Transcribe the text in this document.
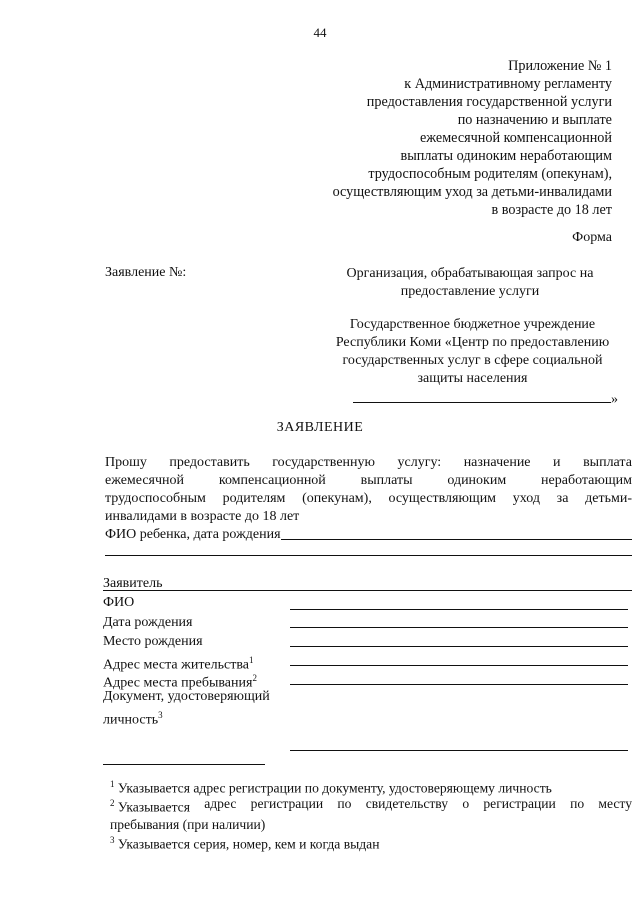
44
Приложение № 1
к Административному регламенту
предоставления государственной услуги
по назначению и выплате
ежемесячной компенсационной
выплаты одиноким неработающим
трудоспособным родителям (опекунам),
осуществляющим уход за детьми-инвалидами
в возрасте до 18 лет
Форма
Заявление №:	Организация, обрабатывающая запрос на
предоставление услуги
Государственное бюджетное учреждение
Республики Коми «Центр по предоставлению
государственных услуг в сфере социальной
защиты населения
»
ЗАЯВЛЕНИЕ
Прошу предоставить государственную услугу: назначение и выплата
ежемесячной компенсационной выплаты одиноким неработающим
трудоспособным родителям (опекунам), осуществляющим уход за детьми-
инвалидами в возрасте до 18 лет
ФИО ребенка, дата рождения
Заявитель
ФИО
Дата рождения
Место рождения
Адрес места жительства$^1$
Адрес места пребывания$^2$
Документ, удостоверяющий
личность$^3$
$^1$ Указывается адрес регистрации по документу, удостоверяющему личность
$^2$ Указывается адрес регистрации по свидетельству о регистрации по месту
пребывания (при наличии)
$^3$ Указывается серия, номер, кем и когда выдан
